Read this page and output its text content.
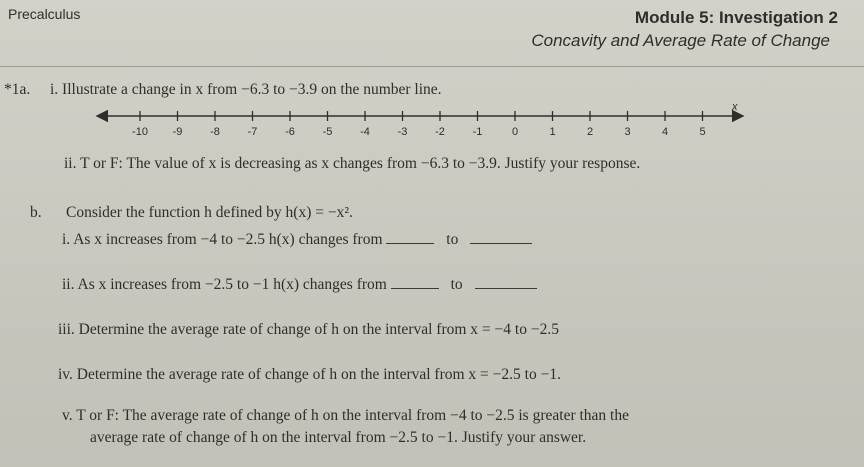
Precalculus	Module 5: Investigation 2
Concavity and Average Rate of Change
*1a. i. Illustrate a change in x from −6.3 to −3.9 on the number line.
-10 -9	-8	-7	-6	-5	-4	-3	-2	-1	0	1	2	3	4	5
x
ii. T or F: The value of x is decreasing as x changes from −6.3 to −3.9. Justify your response.
b. Consider the function h defined by h(x) = −x².
i. As x increases from −4 to −2.5 h(x) changes from	to
ii. As x increases from −2.5 to −1 h(x) changes from	to
iii. Determine the average rate of change of h on the interval from x = −4 to −2.5
iv. Determine the average rate of change of h on the interval from x = −2.5 to −1.
v. T or F: The average rate of change of h on the interval from −4 to −2.5 is greater than the
average rate of change of h on the interval from −2.5 to −1. Justify your answer.
